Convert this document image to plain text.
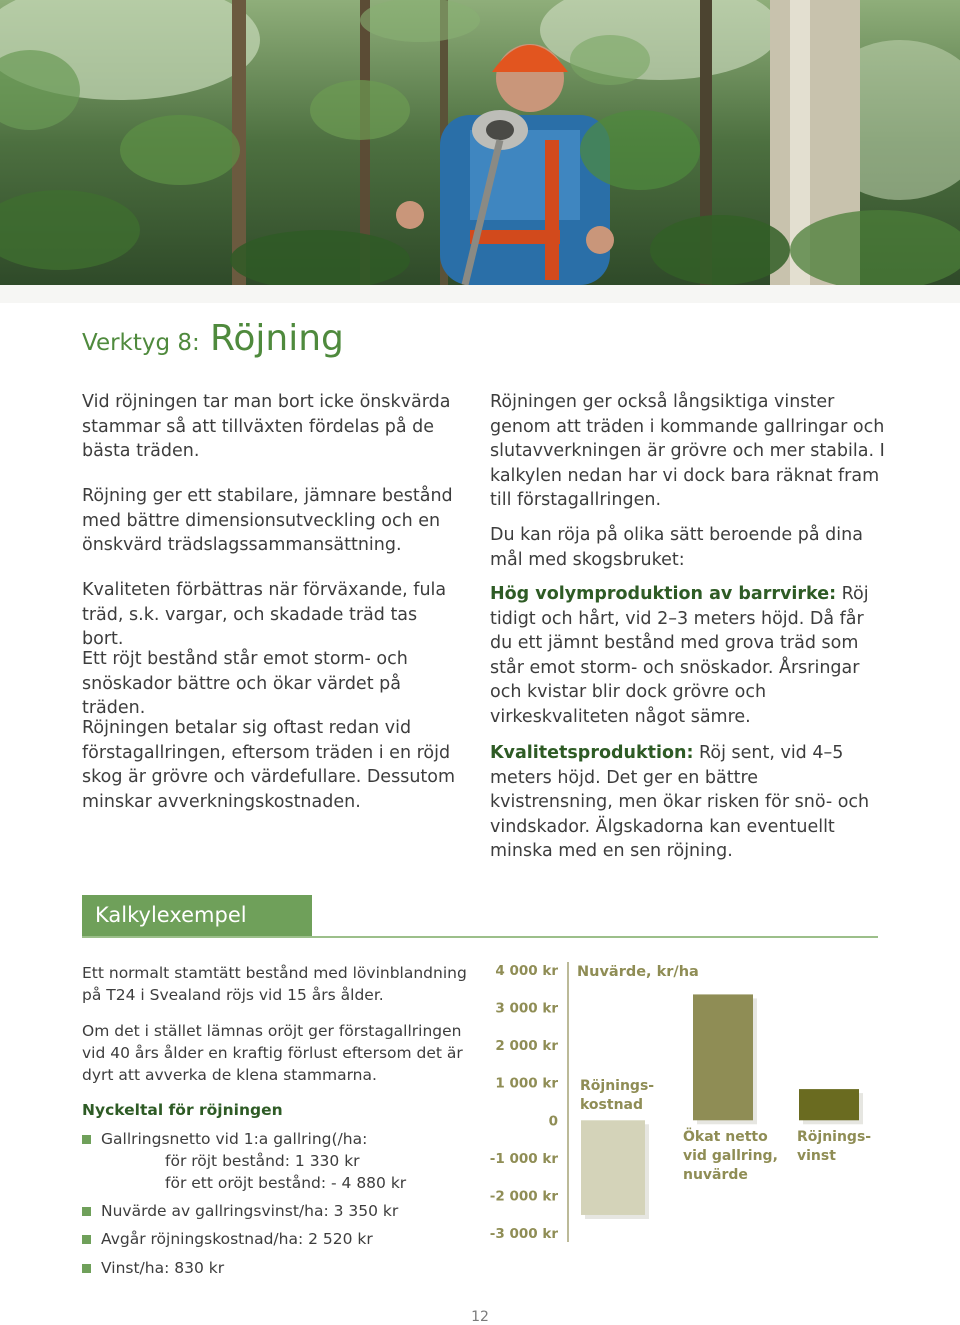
Verktyg 8: Röjning

Vid röjningen tar man bort icke önskvärda stammar så att tillväxten fördelas på de bästa träden.

Röjning ger ett stabilare, jämnare bestånd med bättre dimensionsutveckling och en önskvärd trädslagssammansättning.

Kvaliteten förbättras när förväxande, fula träd, s.k. vargar, och skadade träd tas bort.

Ett röjt bestånd står emot storm- och snöskador bättre och ökar värdet på träden.

Röjningen betalar sig oftast redan vid förstagallringen, eftersom träden i en röjd skog är grövre och värdefullare. Dessutom minskar avverkningskostnaden.

Röjningen ger också långsiktiga vinster genom att träden i kommande gallringar och slutavverkningen är grövre och mer stabila. I kalkylen nedan har vi dock bara räknat fram till förstagallringen.

Du kan röja på olika sätt beroende på dina mål med skogsbruket:

Hög volymproduktion av barrvirke: Röj tidigt och hårt, vid 2–3 meters höjd. Då får du ett jämnt bestånd med grova träd som står emot storm- och snöskador. Årsringar och kvistar blir dock grövre och virkeskvaliteten något sämre.

Kvalitetsproduktion: Röj sent, vid 4–5 meters höjd. Det ger en bättre kvistrensning, men ökar risken för snö- och vindskador. Älgskadorna kan eventuellt minska med en sen röjning.

Kalkylexempel

Ett normalt stamtätt bestånd med lövinblandning på T24 i Svealand röjs vid 15 års ålder.

Om det i stället lämnas oröjt ger förstagallringen vid 40 års ålder en kraftig förlust eftersom det är dyrt att avverka de klena stammarna.

Nyckeltal för röjningen

Gallringsnetto vid 1:a gallring(/ha:
Nuvärde av gallringsvinst/ha: 3 350 kr
Avgår röjningskostnad/ha: 2 520 kr
Vinst/ha: 830 kr
för röjt bestånd: 1 330 kr
för ett oröjt bestånd: - 4 880 kr
4 000 kr
3 000 kr
2 000 kr
1 000 kr
0
-1 000 kr
-2 000 kr
-3 000 kr
Röjnings-
kostnad
Ökat netto
vid gallring,
nuvärde
Röjnings-
vinst
Nuvärde, kr/ha
12
